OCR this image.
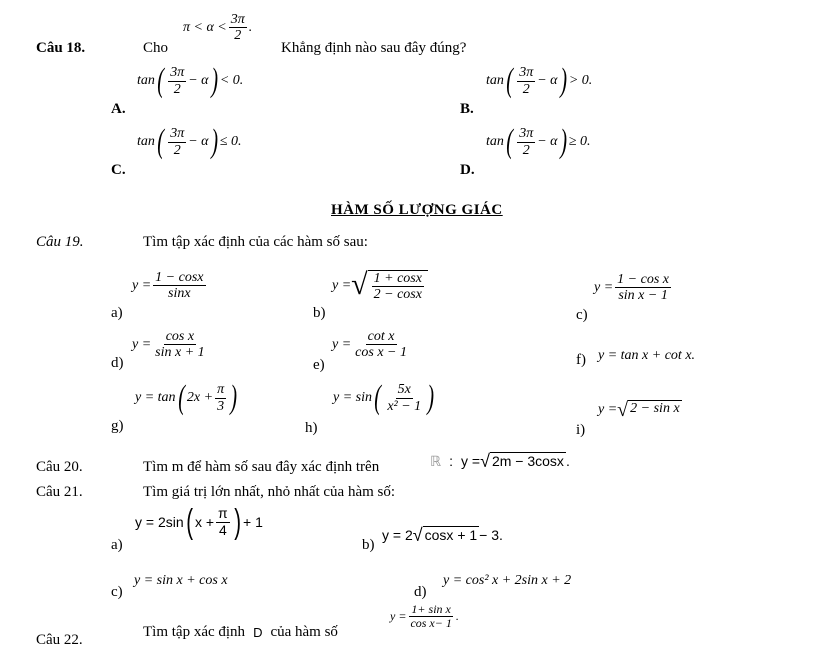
Câu 18.	Cho
$\pi < \alpha < \frac{3\pi}{2}$ .
Khẳng định nào sau đây đúng?
A.
tan ( $\frac{3\pi}{2} - \alpha$ ) < 0.
B.
tan ( $\frac{3\pi}{2} - \alpha$ ) > 0.
C.
tan ( $\frac{3\pi}{2} - \alpha$ ) ≤ 0.
D.
tan ( $\frac{3\pi}{2} - \alpha$ ) ≥ 0.
HÀM SỐ LƯỢNG GIÁC
Câu 19.	Tìm tập xác định của các hàm số sau:
a)
$y = \frac{1 - \cos x}{\sin x}$
b)
y = √ $\frac{1 + \cos x}{2 - \cos x}$
c)
$y = \frac{\text{1 − cos x}}{\text{sin x − 1}}$
d)
$y = \frac{\text{cos x}}{\text{sin x + 1}}$
e)
$y = \frac{\text{cot x}}{\text{cos x − 1}}$	f) y = tan x + cot x.
g)
y = tan ( $2x + \frac{\pi}{3}$ )
h)
y = sin ( $\frac{5x}{\text{x² − 1}}$ )
i)
y = √ 2 − sin x
Câu 20.	Tìm m để hàm số sau đây xác định trên	ℝ : y = √ 2m − 3cosx .
Câu 21.	Tìm giá trị lớn nhất, nhỏ nhất của hàm số:
a)
y = 2sin ( $x + \frac{\pi}{4}$ ) + 1
b)
y = 2 √ cosx + 1 − 3 .
c)
y = sin x + cos x
d)
y = cos² x + 2sin x + 2
Câu 22.	Tìm tập xác định D của hàm số
$y = \frac{\text{1+ sin x}}{\text{cos x− 1}}$ .
